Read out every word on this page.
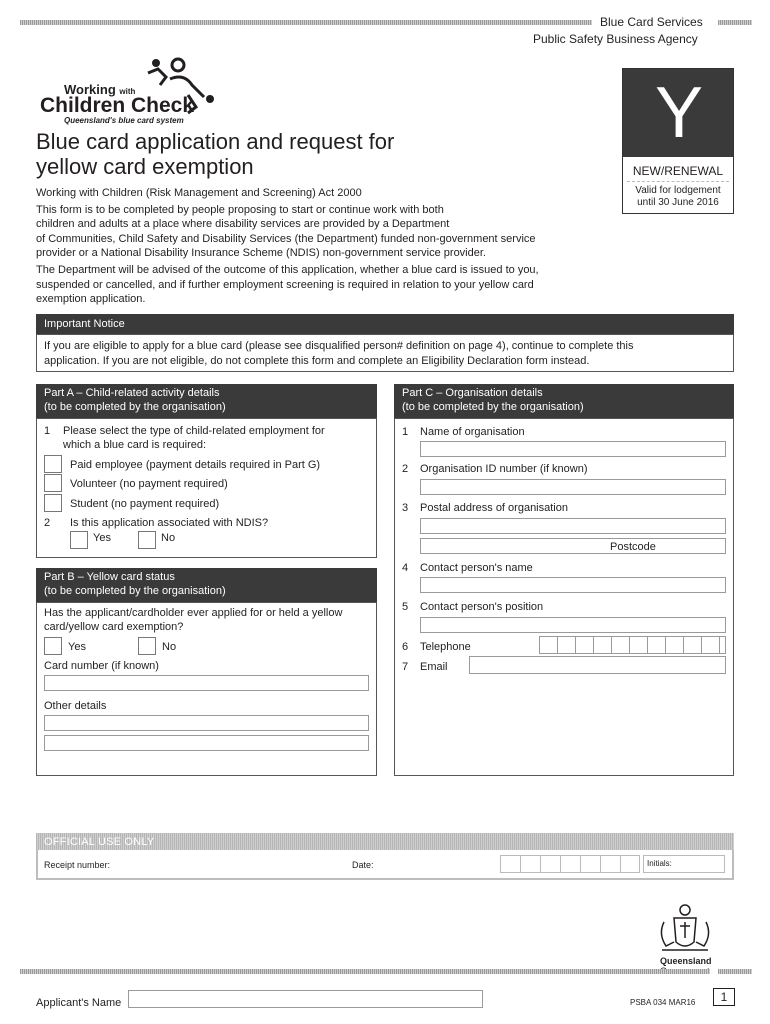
Blue Card Services
Public Safety Business Agency
Working with
Children Check
Queensland's blue card system
Blue card application and request for
yellow card exemption
Working with Children (Risk Management and Screening) Act 2000
This form is to be completed by people proposing to start or continue work with both
children and adults at a place where disability services are provided by a Department
of Communities, Child Safety and Disability Services (the Department) funded non-government service
provider or a National Disability Insurance Scheme (NDIS) non-government service provider.
The Department will be advised of the outcome of this application, whether a blue card is issued to you,
suspended or cancelled, and if further employment screening is required in relation to your yellow card
exemption application.
Y
NEW/RENEWAL
Valid for lodgement
until 30 June 2016
Important Notice
If you are eligible to apply for a blue card (please see disqualified person# definition on page 4), continue to complete this
application. If you are not eligible, do not complete this form and complete an Eligibility Declaration form instead.
Part A – Child-related activity details
(to be completed by the organisation)
1 Please select the type of child-related employment for
which a blue card is required:
Paid employee (payment details required in Part G)
Volunteer (no payment required)
Student (no payment required)
2 Is this application associated with NDIS?
Yes	No
Part B – Yellow card status
(to be completed by the organisation)
Has the applicant/cardholder ever applied for or held a yellow
card/yellow card exemption?
Yes	No
Card number (if known)
Other details
Part C – Organisation details
(to be completed by the organisation)
1 Name of organisation
2 Organisation ID number (if known)
3 Postal address of organisation
Postcode
4 Contact person's name
5 Contact person's position
6 Telephone
7 Email
OFFICIAL USE ONLY
Receipt number:	Date:	Initials:
Queensland
Applicant's Name	PSBA 034 MAR16	1
